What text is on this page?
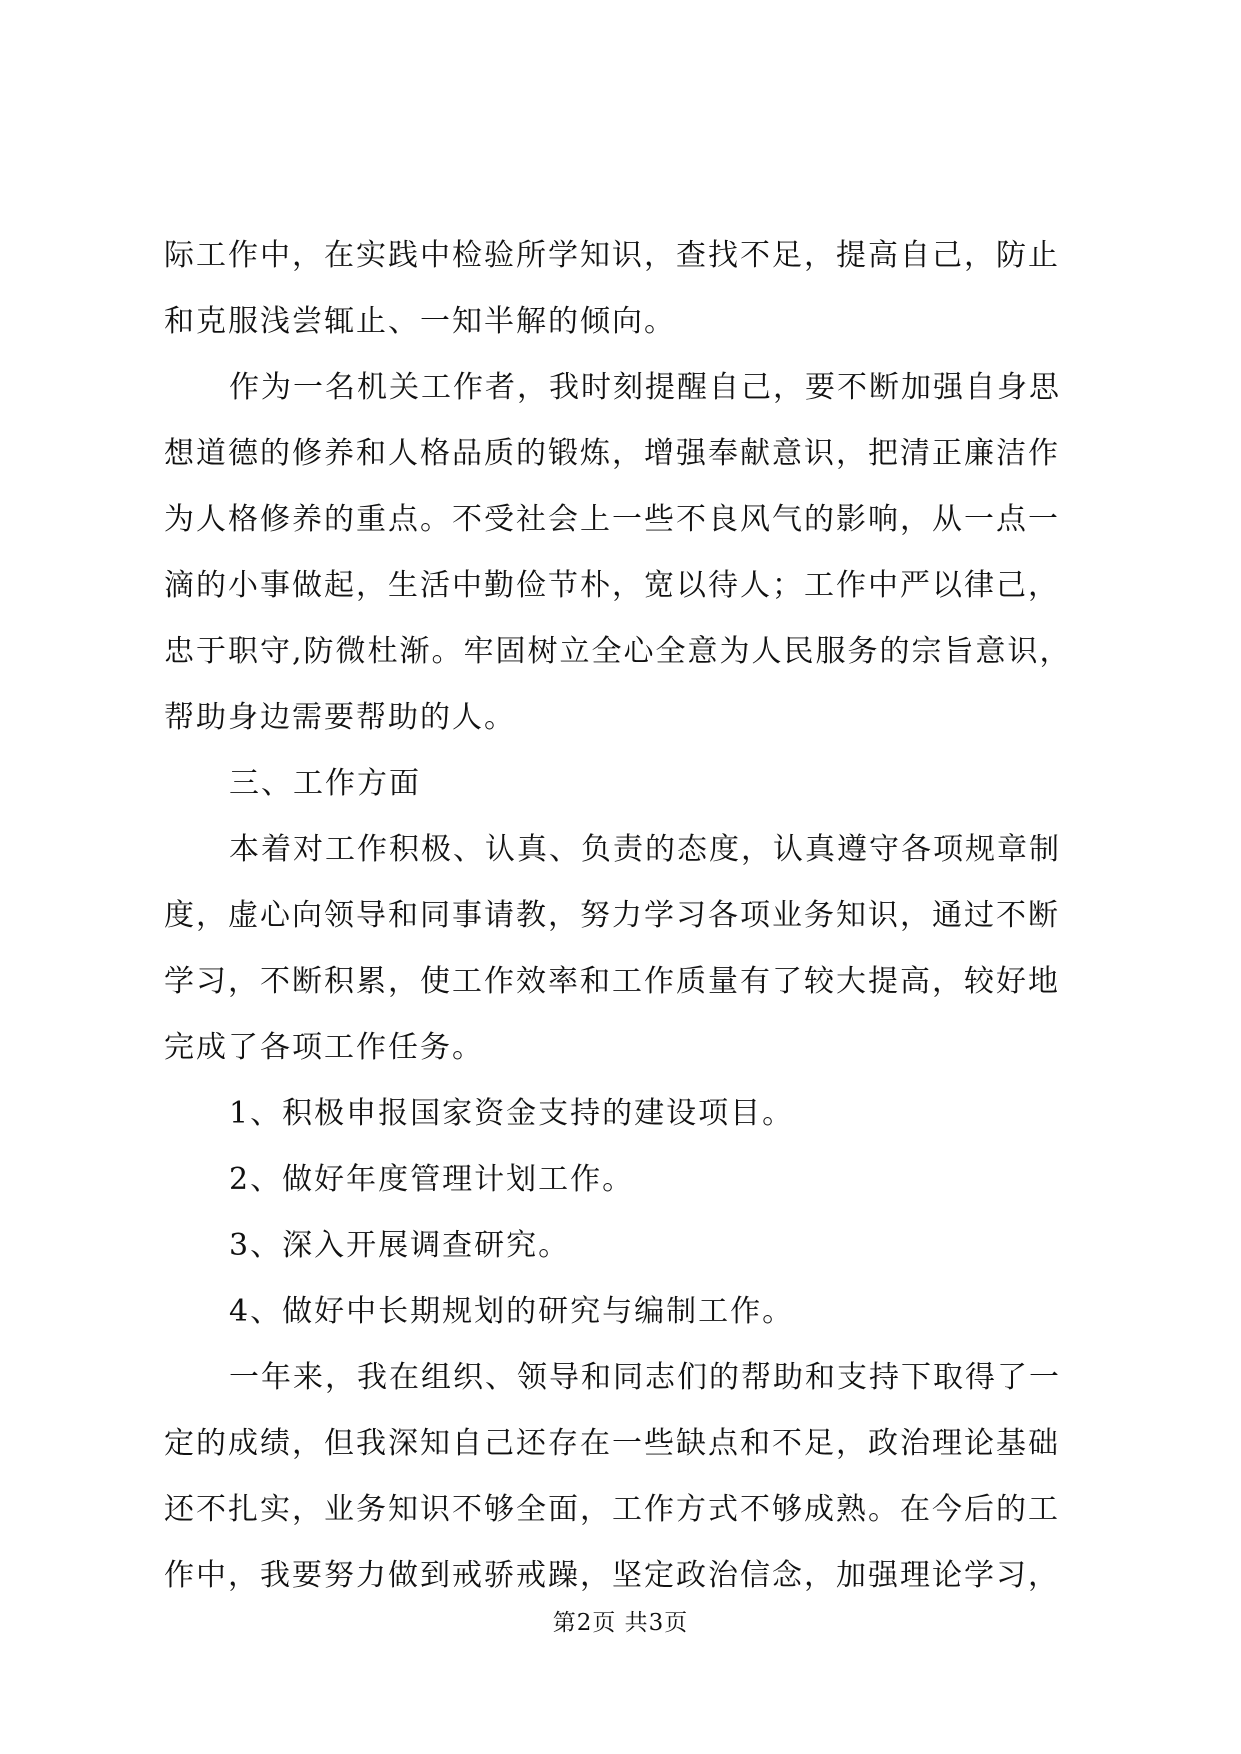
际工作中，在实践中检验所学知识，查找不足，提高自己，防止
和克服浅尝辄止、一知半解的倾向。
作为一名机关工作者，我时刻提醒自己，要不断加强自身思
想道德的修养和人格品质的锻炼，增强奉献意识，把清正廉洁作
为人格修养的重点。不受社会上一些不良风气的影响，从一点一
滴的小事做起，生活中勤俭节朴，宽以待人；工作中严以律己，
忠于职守,防微杜渐。牢固树立全心全意为人民服务的宗旨意识，
帮助身边需要帮助的人。
三、工作方面
本着对工作积极、认真、负责的态度，认真遵守各项规章制
度，虚心向领导和同事请教，努力学习各项业务知识，通过不断
学习，不断积累，使工作效率和工作质量有了较大提高，较好地
完成了各项工作任务。
1、积极申报国家资金支持的建设项目。
2、做好年度管理计划工作。
3、深入开展调查研究。
4、做好中长期规划的研究与编制工作。
一年来，我在组织、领导和同志们的帮助和支持下取得了一
定的成绩，但我深知自己还存在一些缺点和不足，政治理论基础
还不扎实，业务知识不够全面，工作方式不够成熟。在今后的工
作中，我要努力做到戒骄戒躁，坚定政治信念，加强理论学习，
第2页 共3页
